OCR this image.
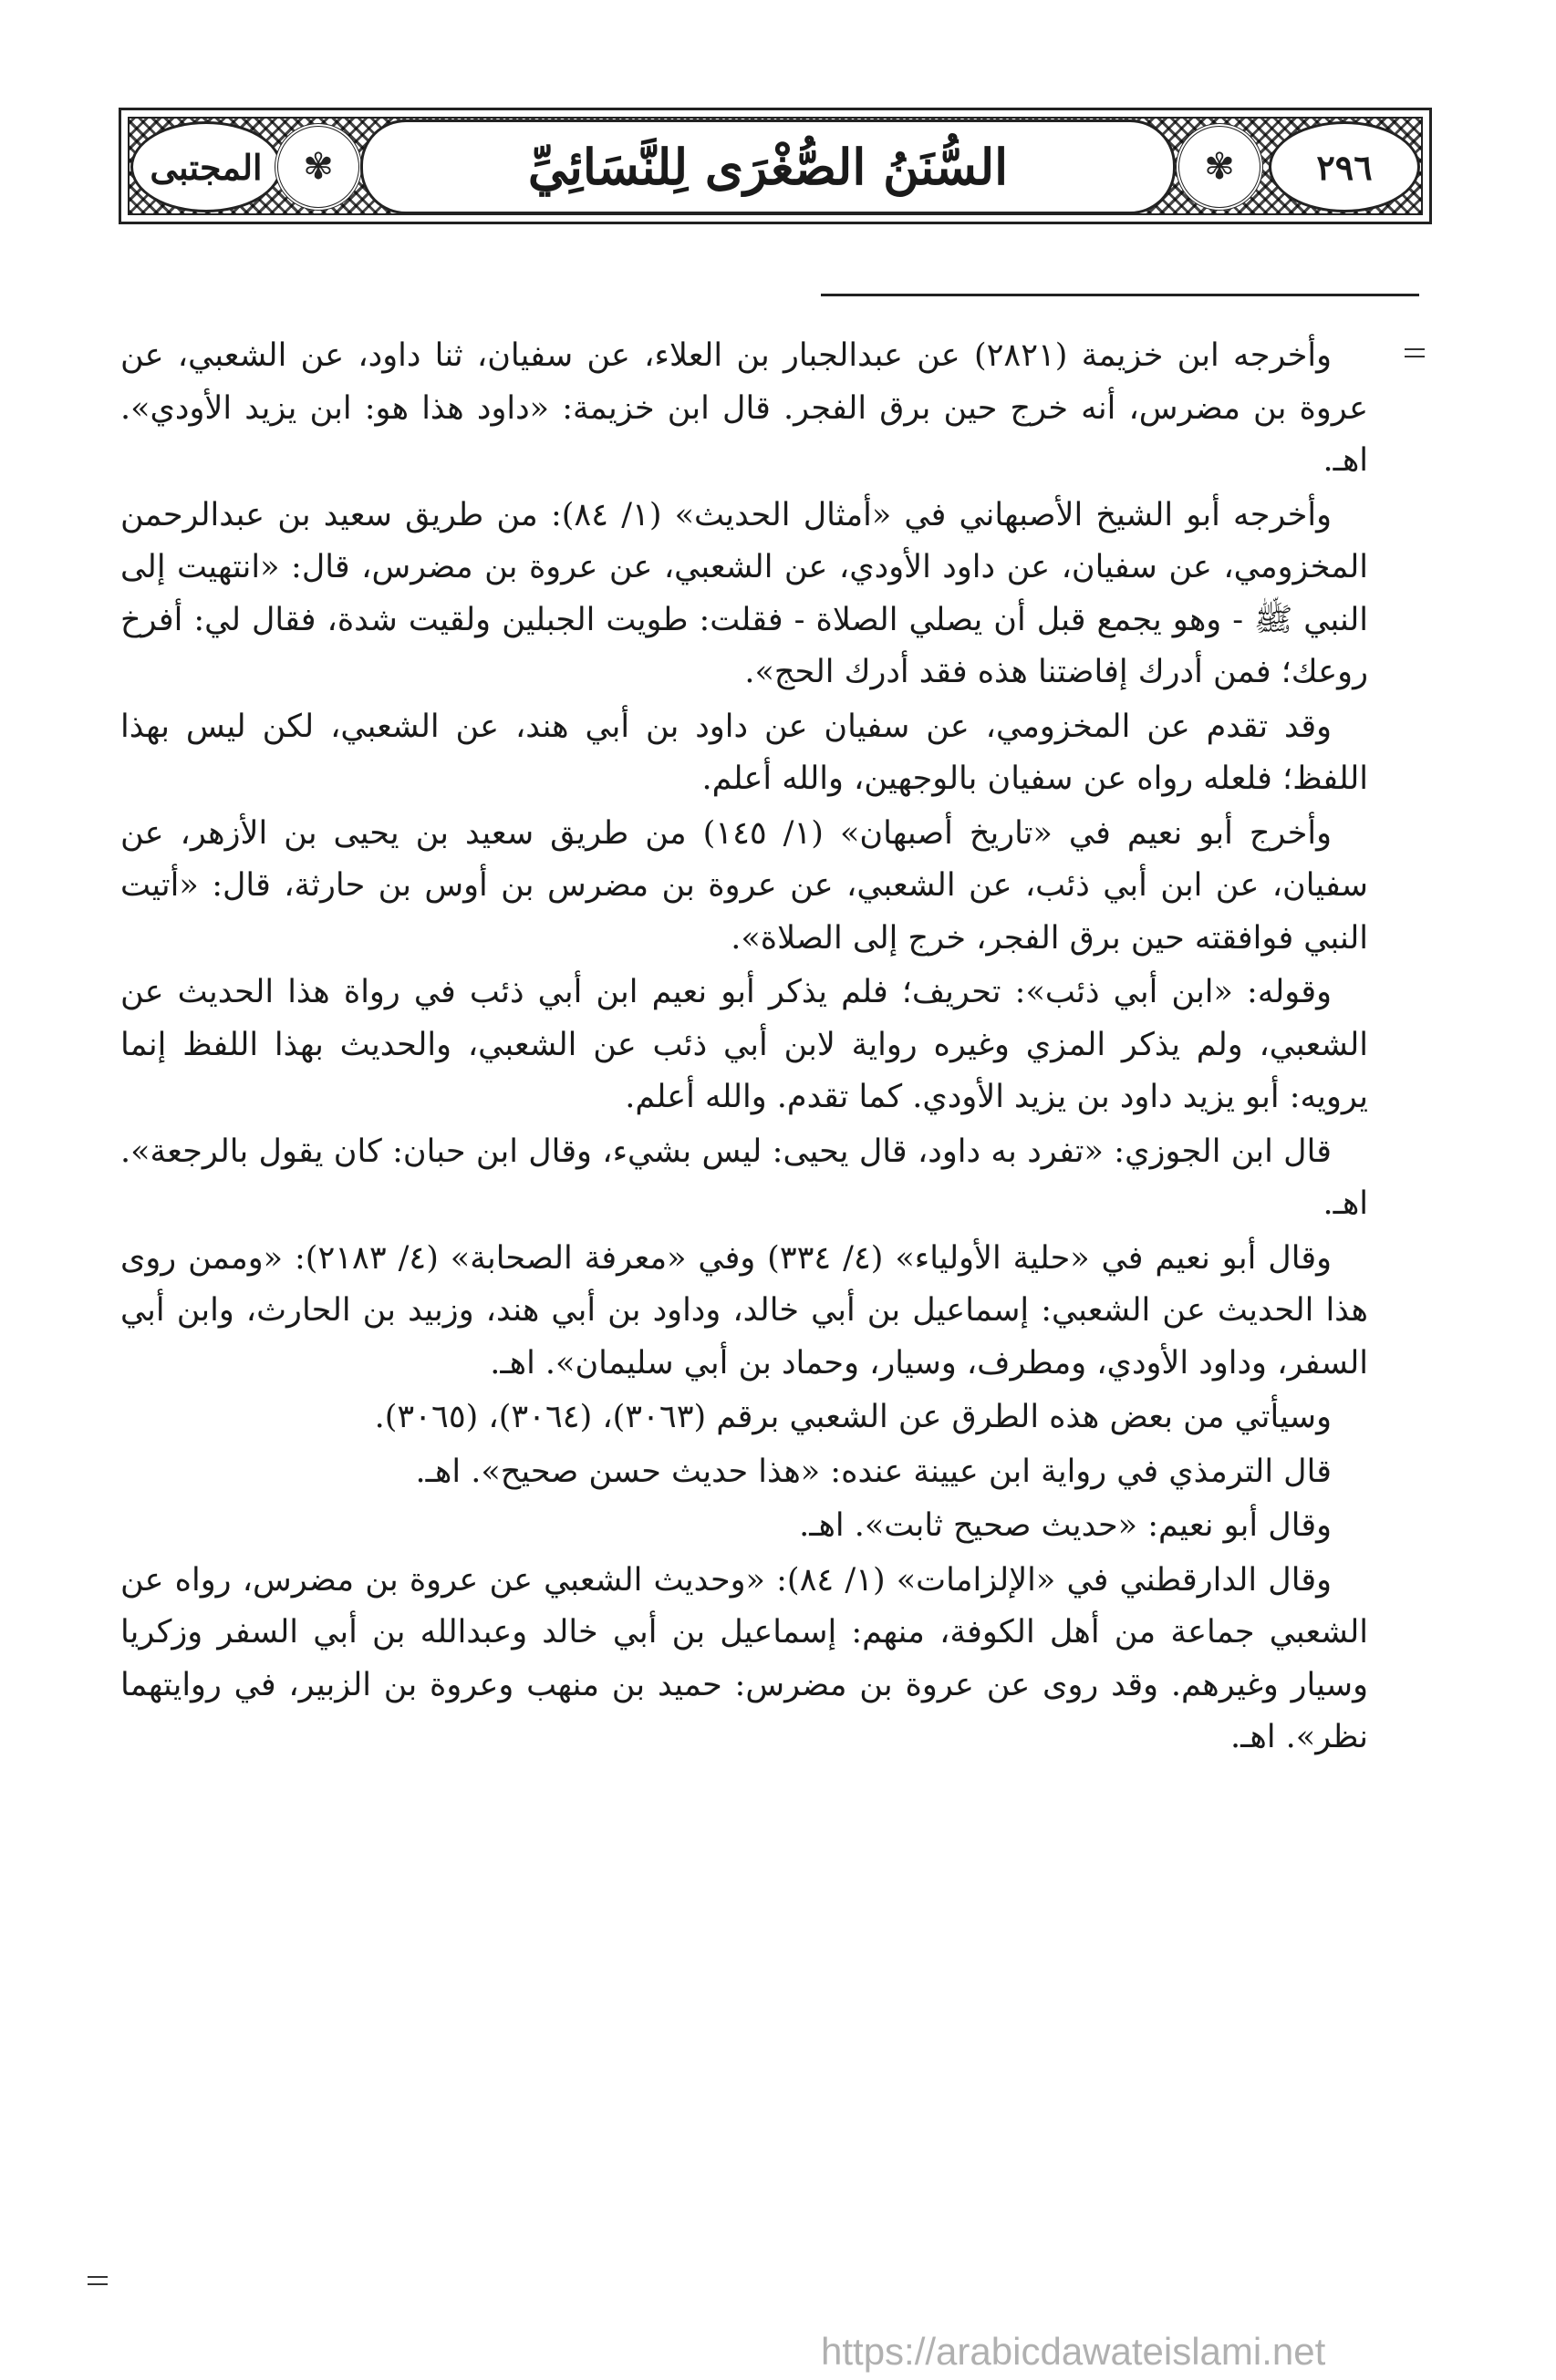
المجتبى ✾	السُّنَنُ الصُّغْرَى لِلنَّسَائِيِّ	✾ ٢٩٦

وأخرجه ابن خزيمة (٢٨٢١) عن عبدالجبار بن العلاء، عن سفيان، ثنا داود، عن الشعبي، عن عروة بن مضرس، أنه خرج حين برق الفجر. قال ابن خزيمة: «داود هذا هو: ابن يزيد الأودي». اهـ.

وأخرجه أبو الشيخ الأصبهاني في «أمثال الحديث» (١/ ٨٤): من طريق سعيد بن عبدالرحمن المخزومي، عن سفيان، عن داود الأودي، عن الشعبي، عن عروة بن مضرس، قال: «انتهيت إلى النبي ﷺ - وهو يجمع قبل أن يصلي الصلاة - فقلت: طويت الجبلين ولقيت شدة، فقال لي: أفرخ روعك؛ فمن أدرك إفاضتنا هذه فقد أدرك الحج».

وقد تقدم عن المخزومي، عن سفيان عن داود بن أبي هند، عن الشعبي، لكن ليس بهذا اللفظ؛ فلعله رواه عن سفيان بالوجهين، والله أعلم.

وأخرج أبو نعيم في «تاريخ أصبهان» (١/ ١٤٥) من طريق سعيد بن يحيى بن الأزهر، عن سفيان، عن ابن أبي ذئب، عن الشعبي، عن عروة بن مضرس بن أوس بن حارثة، قال: «أتيت النبي فوافقته حين برق الفجر، خرج إلى الصلاة».

وقوله: «ابن أبي ذئب»: تحريف؛ فلم يذكر أبو نعيم ابن أبي ذئب في رواة هذا الحديث عن الشعبي، ولم يذكر المزي وغيره رواية لابن أبي ذئب عن الشعبي، والحديث بهذا اللفظ إنما يرويه: أبو يزيد داود بن يزيد الأودي. كما تقدم. والله أعلم.

قال ابن الجوزي: «تفرد به داود، قال يحيى: ليس بشيء، وقال ابن حبان: كان يقول بالرجعة». اهـ.

وقال أبو نعيم في «حلية الأولياء» (٤/ ٣٣٤) وفي «معرفة الصحابة» (٤/ ٢١٨٣): «وممن روى هذا الحديث عن الشعبي: إسماعيل بن أبي خالد، وداود بن أبي هند، وزبيد بن الحارث، وابن أبي السفر، وداود الأودي، ومطرف، وسيار، وحماد بن أبي سليمان». اهـ.

وسيأتي من بعض هذه الطرق عن الشعبي برقم (٣٠٦٣)، (٣٠٦٤)، (٣٠٦٥).

قال الترمذي في رواية ابن عيينة عنده: «هذا حديث حسن صحيح». اهـ.

وقال أبو نعيم: «حديث صحيح ثابت». اهـ.

وقال الدارقطني في «الإلزامات» (١/ ٨٤): «وحديث الشعبي عن عروة بن مضرس، رواه عن الشعبي جماعة من أهل الكوفة، منهم: إسماعيل بن أبي خالد وعبدالله بن أبي السفر وزكريا وسيار وغيرهم. وقد روى عن عروة بن مضرس: حميد بن منهب وعروة بن الزبير، في روايتهما نظر». اهـ.

https://arabicdawateislami.net
